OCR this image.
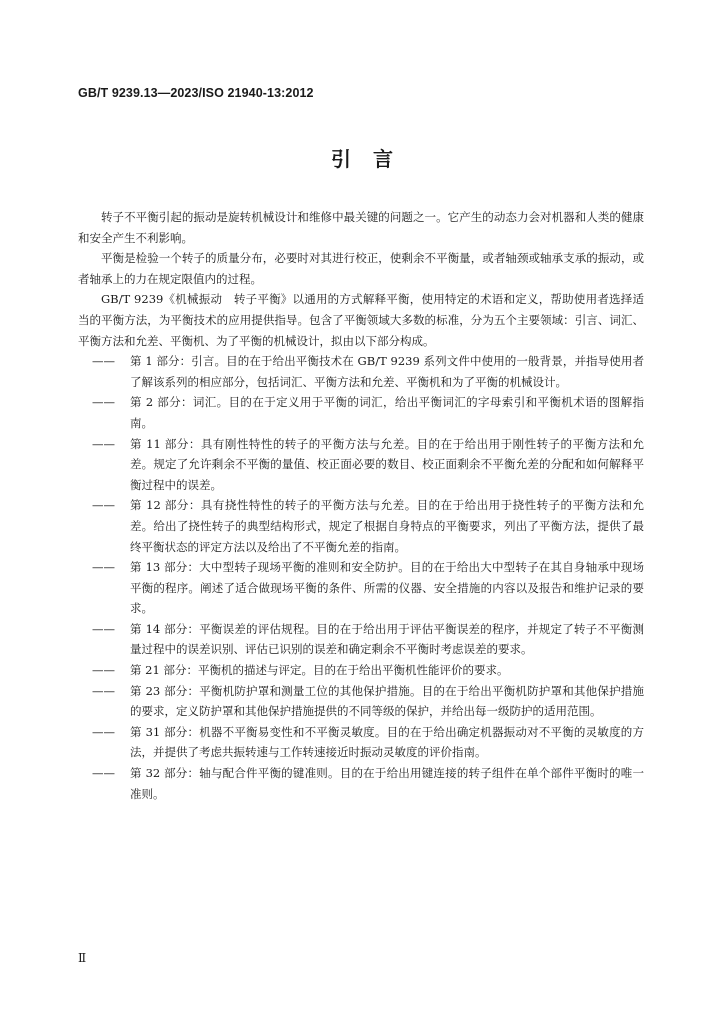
GB/T 9239.13—2023/ISO 21940-13:2012
引言

转子不平衡引起的振动是旋转机械设计和维修中最关键的问题之一。它产生的动态力会对机器和人类的健康和安全产生不利影响。

平衡是检验一个转子的质量分布，必要时对其进行校正，使剩余不平衡量，或者轴颈或轴承支承的振动，或者轴承上的力在规定限值内的过程。

GB/T 9239《机械振动　转子平衡》以通用的方式解释平衡，使用特定的术语和定义，帮助使用者选择适当的平衡方法，为平衡技术的应用提供指导。包含了平衡领域大多数的标准，分为五个主要领域：引言、词汇、平衡方法和允差、平衡机、为了平衡的机械设计，拟由以下部分构成。

——	第 1 部分：引言。目的在于给出平衡技术在 GB/T 9239 系列文件中使用的一般背景，并指导使用者了解该系列的相应部分，包括词汇、平衡方法和允差、平衡机和为了平衡的机械设计。
——	第 2 部分：词汇。目的在于定义用于平衡的词汇，给出平衡词汇的字母索引和平衡机术语的图解指南。
——	第 11 部分：具有刚性特性的转子的平衡方法与允差。目的在于给出用于刚性转子的平衡方法和允差。规定了允许剩余不平衡的量值、校正面必要的数目、校正面剩余不平衡允差的分配和如何解释平衡过程中的误差。
——	第 12 部分：具有挠性特性的转子的平衡方法与允差。目的在于给出用于挠性转子的平衡方法和允差。给出了挠性转子的典型结构形式，规定了根据自身特点的平衡要求，列出了平衡方法，提供了最终平衡状态的评定方法以及给出了不平衡允差的指南。
——	第 13 部分：大中型转子现场平衡的准则和安全防护。目的在于给出大中型转子在其自身轴承中现场平衡的程序。阐述了适合做现场平衡的条件、所需的仪器、安全措施的内容以及报告和维护记录的要求。
——	第 14 部分：平衡误差的评估规程。目的在于给出用于评估平衡误差的程序，并规定了转子不平衡测量过程中的误差识别、评估已识别的误差和确定剩余不平衡时考虑误差的要求。
——	第 21 部分：平衡机的描述与评定。目的在于给出平衡机性能评价的要求。
——	第 23 部分：平衡机防护罩和测量工位的其他保护措施。目的在于给出平衡机防护罩和其他保护措施的要求，定义防护罩和其他保护措施提供的不同等级的保护，并给出每一级防护的适用范围。
——	第 31 部分：机器不平衡易变性和不平衡灵敏度。目的在于给出确定机器振动对不平衡的灵敏度的方法，并提供了考虑共振转速与工作转速接近时振动灵敏度的评价指南。
——	第 32 部分：轴与配合件平衡的键准则。目的在于给出用键连接的转子组件在单个部件平衡时的唯一准则。
Ⅱ
